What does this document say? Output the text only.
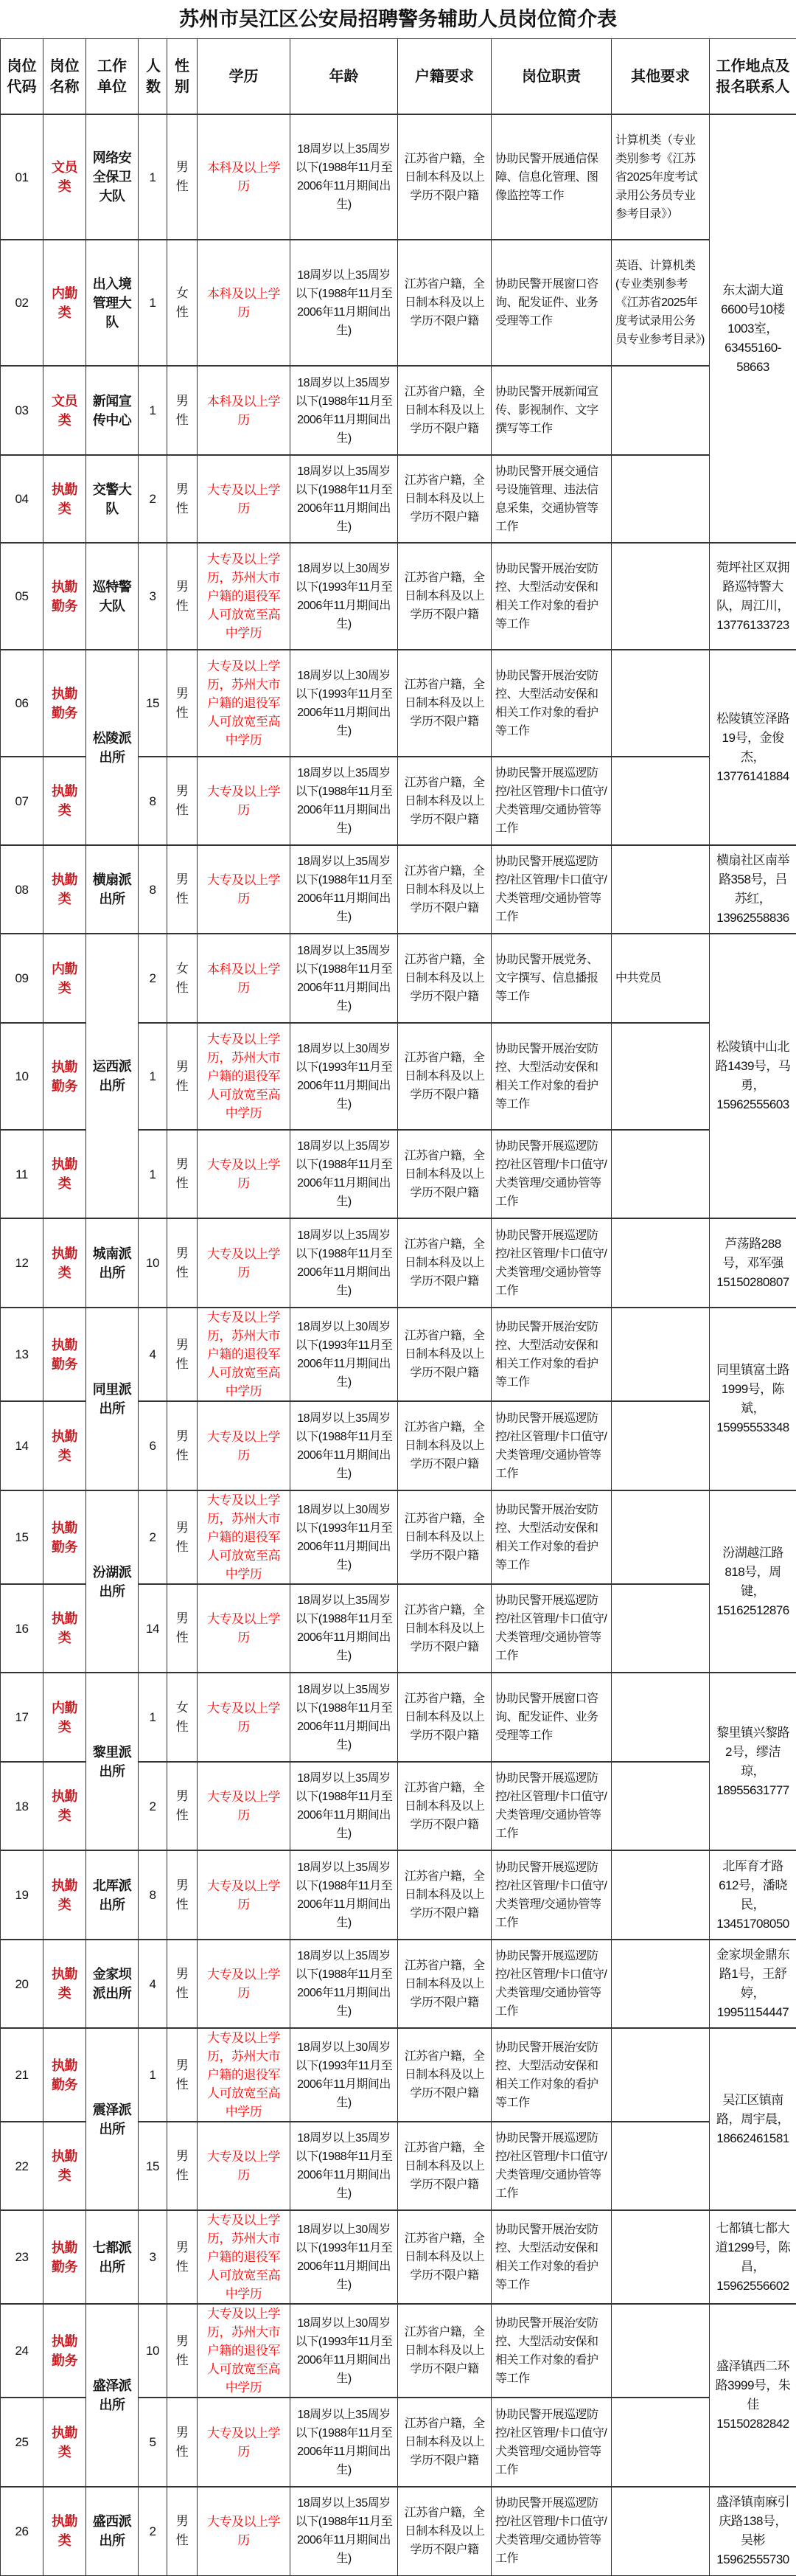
苏州市吴江区公安局招聘警务辅助人员岗位简介表
岗位代码	岗位名称	工作单位	人数	性别	学历	年龄	户籍要求	岗位职责	其他要求	工作地点及报名联系人
01	文员类	网络安全保卫大队	1	男性	本科及以上学历	18周岁以上35周岁以下(1988年11月至2006年11月期间出生)	江苏省户籍，全日制本科及以上学历不限户籍	协助民警开展通信保障、信息化管理、图像监控等工作	计算机类（专业类别参考《江苏省2025年度考试录用公务员专业参考目录》）	东太湖大道6600号10楼1003室，63455160-58663
02	内勤类	出入境管理大队	1	女性	本科及以上学历	18周岁以上35周岁以下(1988年11月至2006年11月期间出生)	江苏省户籍，全日制本科及以上学历不限户籍	协助民警开展窗口咨询、配发证件、业务受理等工作	英语、计算机类(专业类别参考《江苏省2025年度考试录用公务员专业参考目录》)	
03	文员类	新闻宣传中心	1	男性	本科及以上学历	18周岁以上35周岁以下(1988年11月至2006年11月期间出生)	江苏省户籍，全日制本科及以上学历不限户籍	协助民警开展新闻宣传、影视制作、文字撰写等工作		
04	执勤类	交警大队	2	男性	大专及以上学历	18周岁以上35周岁以下(1988年11月至2006年11月期间出生)	江苏省户籍，全日制本科及以上学历不限户籍	协助民警开展交通信号设施管理、违法信息采集，交通协管等工作		
05	执勤勤务	巡特警大队	3	男性	大专及以上学历，苏州大市户籍的退役军人可放宽至高中学历	18周岁以上30周岁以下(1993年11月至2006年11月期间出生)	江苏省户籍，全日制本科及以上学历不限户籍	协助民警开展治安防控、大型活动安保和相关工作对象的看护等工作		菀坪社区双拥路巡特警大队，周江川，13776133723
06	执勤勤务	松陵派出所	15	男性	大专及以上学历，苏州大市户籍的退役军人可放宽至高中学历	18周岁以上30周岁以下(1993年11月至2006年11月期间出生)	江苏省户籍，全日制本科及以上学历不限户籍	协助民警开展治安防控、大型活动安保和相关工作对象的看护等工作		松陵镇笠泽路19号，金俊杰，13776141884
07	执勤类		8	男性	大专及以上学历	18周岁以上35周岁以下(1988年11月至2006年11月期间出生)	江苏省户籍，全日制本科及以上学历不限户籍	协助民警开展巡逻防控/社区管理/卡口值守/犬类管理/交通协管等工作		
08	执勤类	横扇派出所	8	男性	大专及以上学历	18周岁以上35周岁以下(1988年11月至2006年11月期间出生)	江苏省户籍，全日制本科及以上学历不限户籍	协助民警开展巡逻防控/社区管理/卡口值守/犬类管理/交通协管等工作		横扇社区南举路358号，吕苏红，13962558836
09	内勤类	运西派出所	2	女性	本科及以上学历	18周岁以上35周岁以下(1988年11月至2006年11月期间出生)	江苏省户籍，全日制本科及以上学历不限户籍	协助民警开展党务、文字撰写、信息播报等工作	中共党员	松陵镇中山北路1439号，马勇，15962555603
10	执勤勤务		1	男性	大专及以上学历，苏州大市户籍的退役军人可放宽至高中学历	18周岁以上30周岁以下(1993年11月至2006年11月期间出生)	江苏省户籍，全日制本科及以上学历不限户籍	协助民警开展治安防控、大型活动安保和相关工作对象的看护等工作		
11	执勤类		1	男性	大专及以上学历	18周岁以上35周岁以下(1988年11月至2006年11月期间出生)	江苏省户籍，全日制本科及以上学历不限户籍	协助民警开展巡逻防控/社区管理/卡口值守/犬类管理/交通协管等工作		
12	执勤类	城南派出所	10	男性	大专及以上学历	18周岁以上35周岁以下(1988年11月至2006年11月期间出生)	江苏省户籍，全日制本科及以上学历不限户籍	协助民警开展巡逻防控/社区管理/卡口值守/犬类管理/交通协管等工作		芦荡路288号，邓军强15150280807
13	执勤勤务	同里派出所	4	男性	大专及以上学历，苏州大市户籍的退役军人可放宽至高中学历	18周岁以上30周岁以下(1993年11月至2006年11月期间出生)	江苏省户籍，全日制本科及以上学历不限户籍	协助民警开展治安防控、大型活动安保和相关工作对象的看护等工作		同里镇富土路1999号，陈斌，15995553348
14	执勤类		6	男性	大专及以上学历	18周岁以上35周岁以下(1988年11月至2006年11月期间出生)	江苏省户籍，全日制本科及以上学历不限户籍	协助民警开展巡逻防控/社区管理/卡口值守/犬类管理/交通协管等工作		
15	执勤勤务	汾湖派出所	2	男性	大专及以上学历，苏州大市户籍的退役军人可放宽至高中学历	18周岁以上30周岁以下(1993年11月至2006年11月期间出生)	江苏省户籍，全日制本科及以上学历不限户籍	协助民警开展治安防控、大型活动安保和相关工作对象的看护等工作		汾湖越江路818号，周键，15162512876
16	执勤类		14	男性	大专及以上学历	18周岁以上35周岁以下(1988年11月至2006年11月期间出生)	江苏省户籍，全日制本科及以上学历不限户籍	协助民警开展巡逻防控/社区管理/卡口值守/犬类管理/交通协管等工作		
17	内勤类	黎里派出所	1	女性	大专及以上学历	18周岁以上35周岁以下(1988年11月至2006年11月期间出生)	江苏省户籍，全日制本科及以上学历不限户籍	协助民警开展窗口咨询、配发证件、业务受理等工作		黎里镇兴黎路2号，缪洁琼，18955631777
18	执勤类		2	男性	大专及以上学历	18周岁以上35周岁以下(1988年11月至2006年11月期间出生)	江苏省户籍，全日制本科及以上学历不限户籍	协助民警开展巡逻防控/社区管理/卡口值守/犬类管理/交通协管等工作		
19	执勤类	北厍派出所	8	男性	大专及以上学历	18周岁以上35周岁以下(1988年11月至2006年11月期间出生)	江苏省户籍，全日制本科及以上学历不限户籍	协助民警开展巡逻防控/社区管理/卡口值守/犬类管理/交通协管等工作		北厍育才路612号，潘晓民，13451708050
20	执勤类	金家坝派出所	4	男性	大专及以上学历	18周岁以上35周岁以下(1988年11月至2006年11月期间出生)	江苏省户籍，全日制本科及以上学历不限户籍	协助民警开展巡逻防控/社区管理/卡口值守/犬类管理/交通协管等工作		金家坝金鼎东路1号，王舒婷，19951154447
21	执勤勤务	震泽派出所	1	男性	大专及以上学历，苏州大市户籍的退役军人可放宽至高中学历	18周岁以上30周岁以下(1993年11月至2006年11月期间出生)	江苏省户籍，全日制本科及以上学历不限户籍	协助民警开展治安防控、大型活动安保和相关工作对象的看护等工作		吴江区镇南路，周宇晨，18662461581
22	执勤类		15	男性	大专及以上学历	18周岁以上35周岁以下(1988年11月至2006年11月期间出生)	江苏省户籍，全日制本科及以上学历不限户籍	协助民警开展巡逻防控/社区管理/卡口值守/犬类管理/交通协管等工作		
23	执勤勤务	七都派出所	3	男性	大专及以上学历，苏州大市户籍的退役军人可放宽至高中学历	18周岁以上30周岁以下(1993年11月至2006年11月期间出生)	江苏省户籍，全日制本科及以上学历不限户籍	协助民警开展治安防控、大型活动安保和相关工作对象的看护等工作		七都镇七都大道1299号，陈昌，15962556602
24	执勤勤务	盛泽派出所	10	男性	大专及以上学历，苏州大市户籍的退役军人可放宽至高中学历	18周岁以上30周岁以下(1993年11月至2006年11月期间出生)	江苏省户籍，全日制本科及以上学历不限户籍	协助民警开展治安防控、大型活动安保和相关工作对象的看护等工作		盛泽镇西二环路3999号，朱佳15150282842
25	执勤类		5	男性	大专及以上学历	18周岁以上35周岁以下(1988年11月至2006年11月期间出生)	江苏省户籍，全日制本科及以上学历不限户籍	协助民警开展巡逻防控/社区管理/卡口值守/犬类管理/交通协管等工作		
26	执勤类	盛西派出所	2	男性	大专及以上学历	18周岁以上35周岁以下(1988年11月至2006年11月期间出生)	江苏省户籍，全日制本科及以上学历不限户籍	协助民警开展巡逻防控/社区管理/卡口值守/犬类管理/交通协管等工作		盛泽镇南麻引庆路138号，吴彬15962555730
